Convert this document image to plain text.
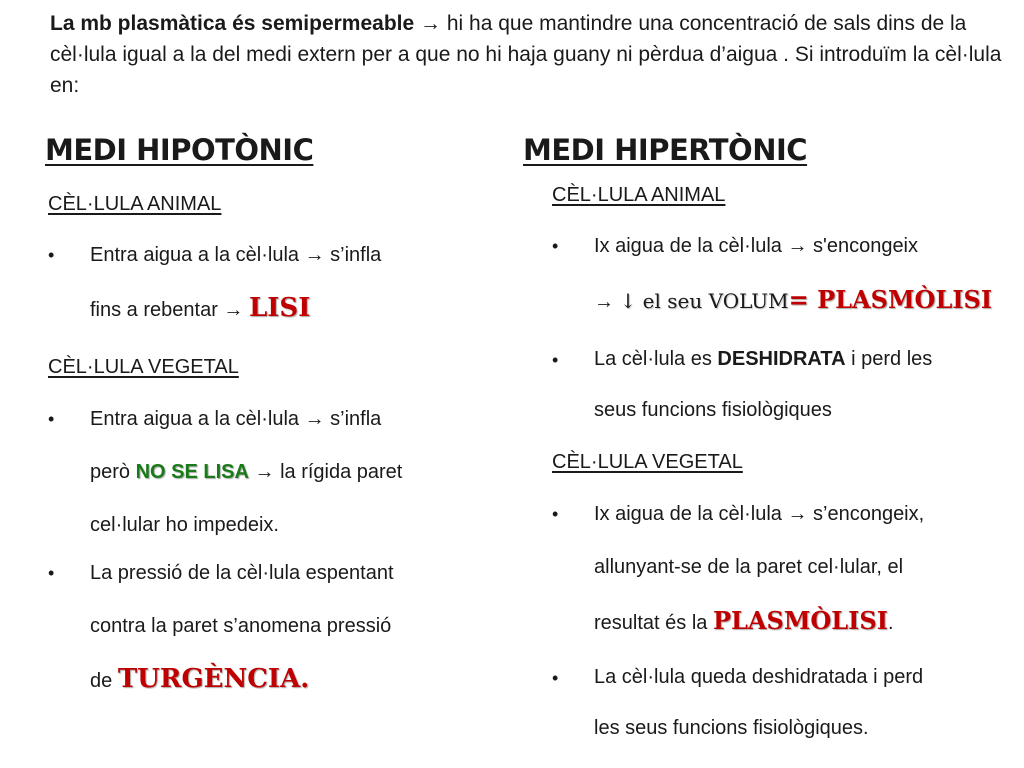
La mb plasmàtica és semipermeable → hi ha que mantindre una concentració de sals dins de la cèl·lula igual a la del medi extern per a que no hi haja guany ni pèrdua d’aigua . Si introduïm la cèl·lula en:
MEDI HIPOTÒNIC
CÈL·LULA ANIMAL
• Entra aigua a la cèl·lula → s’infla
fins a rebentar → LISI
CÈL·LULA VEGETAL
• Entra aigua a la cèl·lula → s’infla
però NO SE LISA → la rígida paret
cel·lular ho impedeix.
• La pressió de la cèl·lula espentant
contra la paret s’anomena pressió
de TURGÈNCIA.
MEDI HIPERTÒNIC
CÈL·LULA ANIMAL
• Ix aigua de la cèl·lula → s'encongeix
→ ↓ el seu VOLUM= PLASMÒLISI
• La cèl·lula es DESHIDRATA i perd les
seus funcions fisiològiques
CÈL·LULA VEGETAL
• Ix aigua de la cèl·lula → s’encongeix,
allunyant-se de la paret cel·lular, el
resultat és la PLASMÒLISI.
• La cèl·lula queda deshidratada i perd
les seus funcions fisiològiques.
